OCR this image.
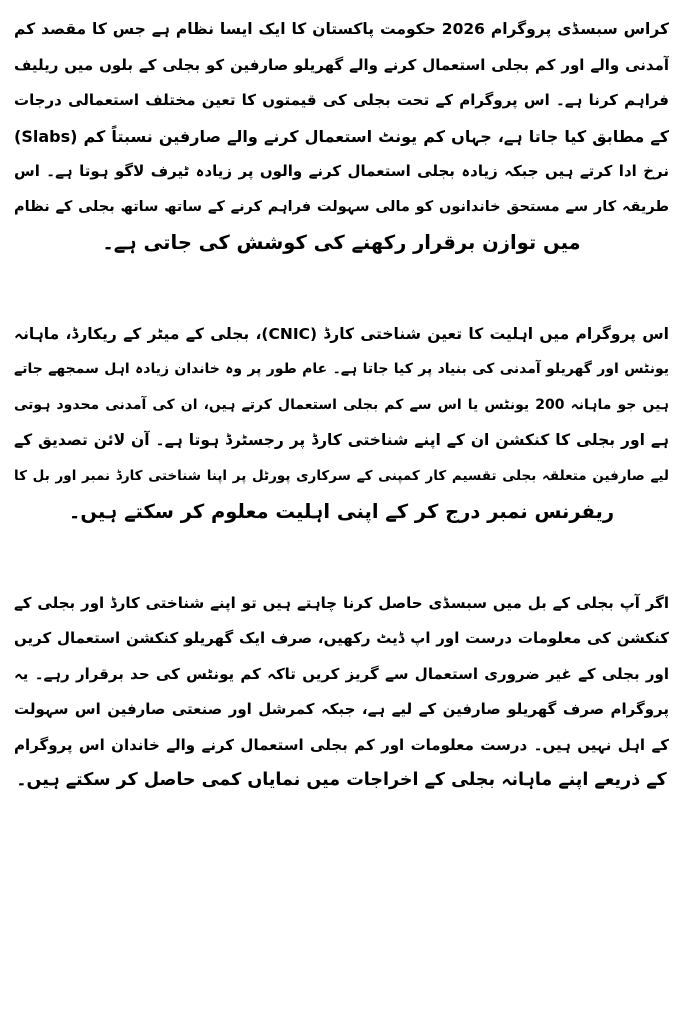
کراس سبسڈی پروگرام 2026 حکومت پاکستان کا ایک ایسا نظام ہے جس کا مقصد کم
آمدنی والے اور کم بجلی استعمال کرنے والے گھریلو صارفین کو بجلی کے بلوں میں ریلیف
فراہم کرنا ہے۔ اس پروگرام کے تحت بجلی کی قیمتوں کا تعین مختلف استعمالی درجات
(Slabs) کے مطابق کیا جاتا ہے، جہاں کم یونٹ استعمال کرنے والے صارفین نسبتاً کم
نرخ ادا کرتے ہیں جبکہ زیادہ بجلی استعمال کرنے والوں پر زیادہ ٹیرف لاگو ہوتا ہے۔ اس
طریقہ کار سے مستحق خاندانوں کو مالی سہولت فراہم کرنے کے ساتھ ساتھ بجلی کے نظام
میں توازن برقرار رکھنے کی کوشش کی جاتی ہے۔
اس پروگرام میں اہلیت کا تعین شناختی کارڈ (CNIC)، بجلی کے میٹر کے ریکارڈ، ماہانہ
یونٹس اور گھریلو آمدنی کی بنیاد پر کیا جاتا ہے۔ عام طور پر وہ خاندان زیادہ اہل سمجھے جاتے
ہیں جو ماہانہ 200 یونٹس یا اس سے کم بجلی استعمال کرتے ہیں، ان کی آمدنی محدود ہوتی
ہے اور بجلی کا کنکشن ان کے اپنے شناختی کارڈ پر رجسٹرڈ ہوتا ہے۔ آن لائن تصدیق کے
لیے صارفین متعلقہ بجلی تقسیم کار کمپنی کے سرکاری پورٹل پر اپنا شناختی کارڈ نمبر اور بل کا
ریفرنس نمبر درج کر کے اپنی اہلیت معلوم کر سکتے ہیں۔
اگر آپ بجلی کے بل میں سبسڈی حاصل کرنا چاہتے ہیں تو اپنے شناختی کارڈ اور بجلی کے
کنکشن کی معلومات درست اور اپ ڈیٹ رکھیں، صرف ایک گھریلو کنکشن استعمال کریں
اور بجلی کے غیر ضروری استعمال سے گریز کریں تاکہ کم یونٹس کی حد برقرار رہے۔ یہ
پروگرام صرف گھریلو صارفین کے لیے ہے، جبکہ کمرشل اور صنعتی صارفین اس سہولت
کے اہل نہیں ہیں۔ درست معلومات اور کم بجلی استعمال کرنے والے خاندان اس پروگرام
کے ذریعے اپنے ماہانہ بجلی کے اخراجات میں نمایاں کمی حاصل کر سکتے ہیں۔
